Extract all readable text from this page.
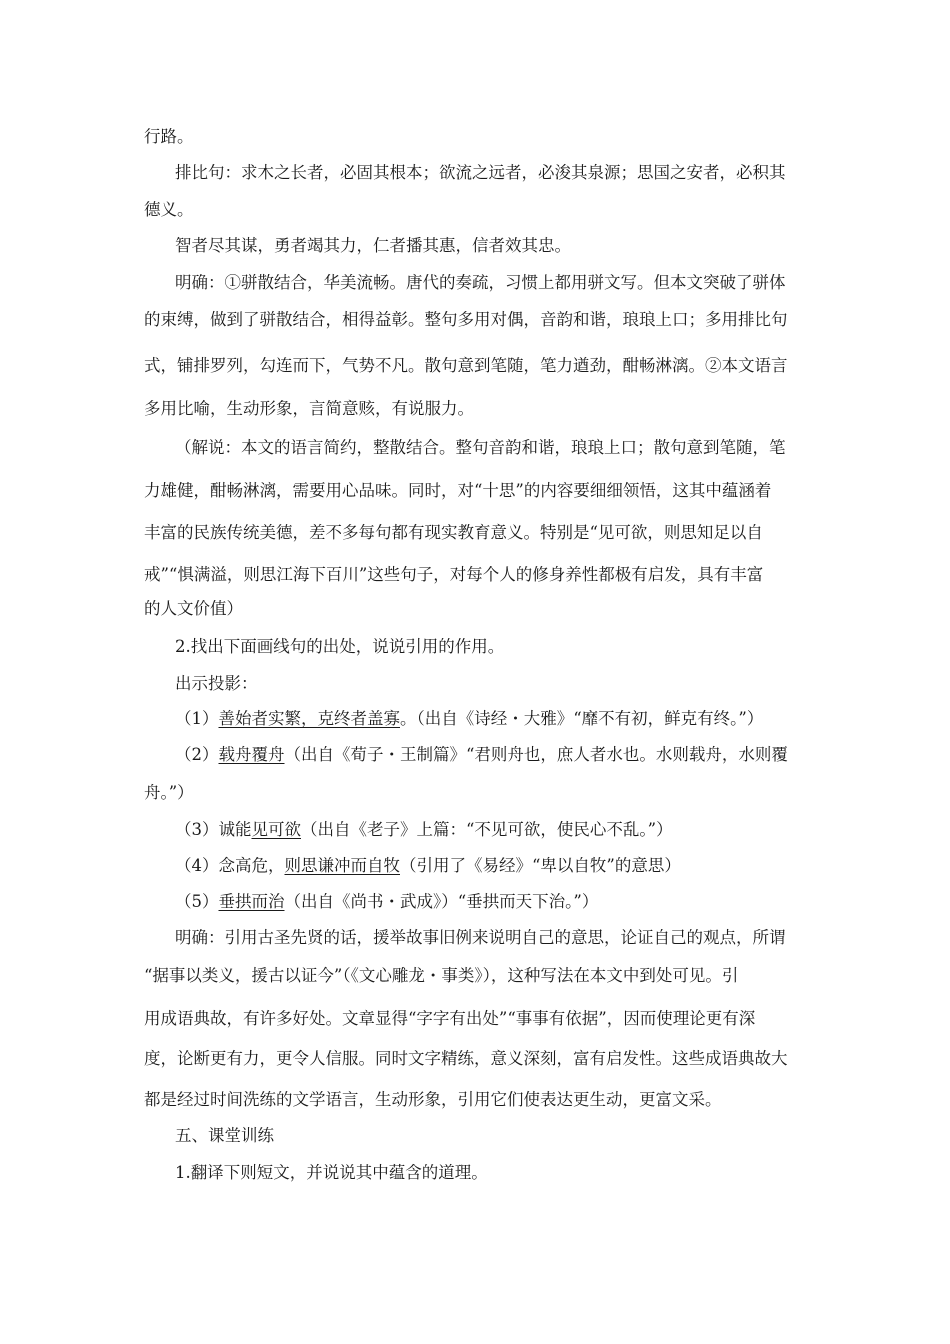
行路。
排比句：求木之长者，必固其根本；欲流之远者，必浚其泉源；思国之安者，必积其
德义。
智者尽其谋，勇者竭其力，仁者播其惠，信者效其忠。
明确：①骈散结合，华美流畅。唐代的奏疏，习惯上都用骈文写。但本文突破了骈体
的束缚，做到了骈散结合，相得益彰。整句多用对偶，音韵和谐，琅琅上口；多用排比句
式，铺排罗列，勾连而下，气势不凡。散句意到笔随，笔力遒劲，酣畅淋漓。②本文语言
多用比喻，生动形象，言简意赅，有说服力。
（解说：本文的语言简约，整散结合。整句音韵和谐，琅琅上口；散句意到笔随，笔
力雄健，酣畅淋漓，需要用心品味。同时，对“十思”的内容要细细领悟，这其中蕴涵着
丰富的民族传统美德，差不多每句都有现实教育意义。特别是“见可欲，则思知足以自
戒”“惧满溢，则思江海下百川”这些句子，对每个人的修身养性都极有启发，具有丰富
的人文价值）
2.找出下面画线句的出处，说说引用的作用。
出示投影：
（1）善始者实繁，克终者盖寡。（出自《诗经・大雅》“靡不有初，鲜克有终。”）
（2）载舟覆舟（出自《荀子・王制篇》“君则舟也，庶人者水也。水则载舟，水则覆
舟。”）
（3）诚能见可欲（出自《老子》上篇：“不见可欲，使民心不乱。”）
（4）念高危，则思谦冲而自牧（引用了《易经》“卑以自牧”的意思）
（5）垂拱而治（出自《尚书・武成》）“垂拱而天下治。”）
明确：引用古圣先贤的话，援举故事旧例来说明自己的意思，论证自己的观点，所谓
“据事以类义，援古以证今”（《文心雕龙・事类》），这种写法在本文中到处可见。引
用成语典故，有许多好处。文章显得“字字有出处”“事事有依据”，因而使理论更有深
度，论断更有力，更令人信服。同时文字精练，意义深刻，富有启发性。这些成语典故大
都是经过时间洗练的文学语言，生动形象，引用它们使表达更生动，更富文采。
五、课堂训练
1.翻译下则短文，并说说其中蕴含的道理。
